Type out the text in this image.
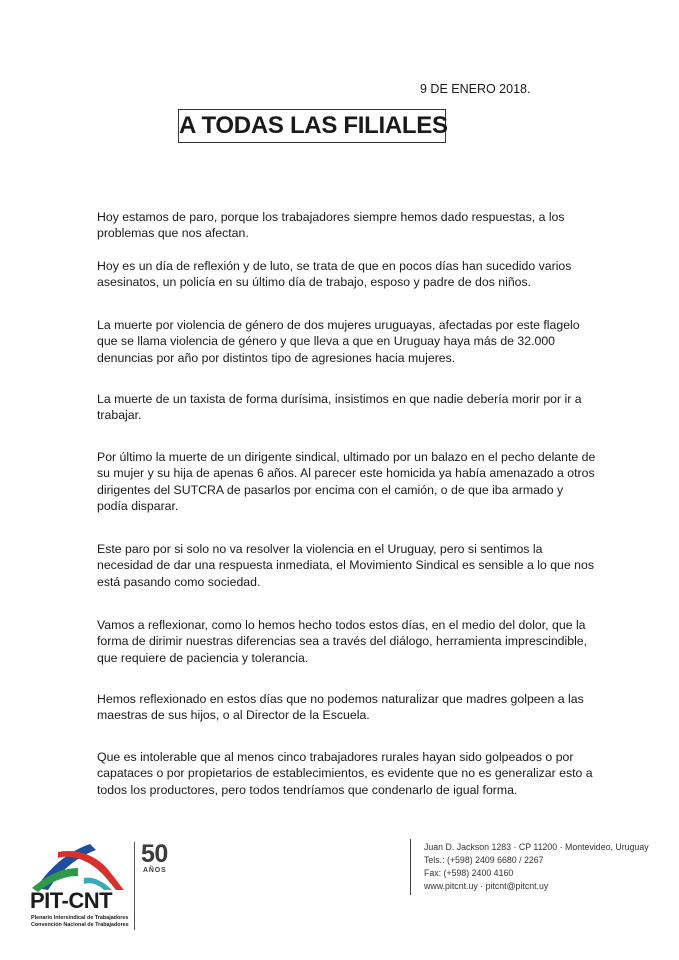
9 DE ENERO 2018.
A TODAS LAS FILIALES

Hoy estamos de paro, porque los trabajadores siempre hemos dado respuestas, a los problemas que nos afectan.

Hoy es un día de reflexión y de luto, se trata de que en pocos días han sucedido varios asesinatos, un policía en su último día de trabajo, esposo y padre de dos niños.

La muerte por violencia de género de dos mujeres uruguayas, afectadas por este flagelo que se llama violencia de género y que lleva a que en Uruguay haya más de 32.000 denuncias por año por distintos tipo de agresiones hacia mujeres.

La muerte de un taxista de forma durísima, insistimos en que nadie debería morir por ir a trabajar.

Por último la muerte de un dirigente sindical, ultimado por un balazo en el pecho delante de su mujer y su hija de apenas 6 años. Al parecer este homicida ya había amenazado a otros dirigentes del SUTCRA de pasarlos por encima con el camión, o de que iba armado y podía disparar.

Este paro por si solo no va resolver la violencia en el Uruguay, pero si sentimos la necesidad de dar una respuesta inmediata, el Movimiento Sindical es sensible a lo que nos está pasando como sociedad.

Vamos a reflexionar, como lo hemos hecho todos estos días, en el medio del dolor, que la forma de dirimir nuestras diferencias sea a través del diálogo, herramienta imprescindible, que requiere de paciencia y tolerancia.

Hemos reflexionado en estos días que no podemos naturalizar que madres golpeen a las maestras de sus hijos, o al Director de la Escuela.

Que es intolerable que al menos cinco trabajadores rurales hayan sido golpeados o por capataces o por propietarios de establecimientos, es evidente que no es generalizar esto a todos los productores, pero todos tendríamos que condenarlo de igual forma.

PIT-CNT
Plenario Intersindical de Trabajadores
Convención Nacional de Trabajadores
50
AÑOS
Juan D. Jackson 1283 · CP 11200 · Montevideo, Uruguay
Tels.: (+598) 2409 6680 / 2267
Fax: (+598) 2400 4160
www.pitcnt.uy · pitcnt@pitcnt.uy
